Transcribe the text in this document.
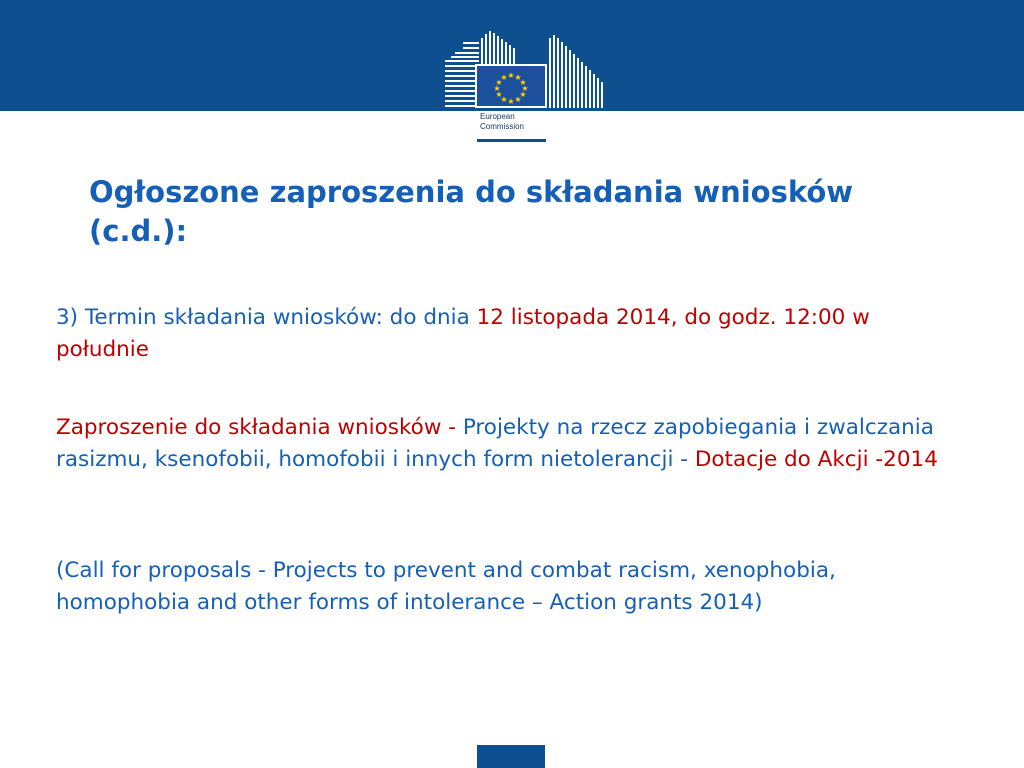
★ ★
★
★
★
★
★
★
★
★
★
★
European
Commission
Ogłoszone zaproszenia do składania wniosków (c.d.):

3) Termin składania wniosków: do dnia 12 listopada 2014, do godz. 12:00 w południe

Zaproszenie do składania wniosków - Projekty na rzecz zapobiegania i zwalczania rasizmu, ksenofobii, homofobii i innych form nietolerancji - Dotacje do Akcji -2014

(Call for proposals - Projects to prevent and combat racism, xenophobia, homophobia and other forms of intolerance – Action grants 2014)
